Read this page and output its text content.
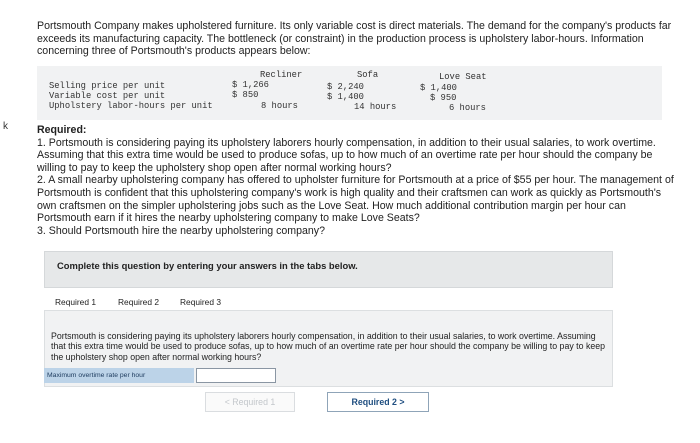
k

Portsmouth Company makes upholstered furniture. Its only variable cost is direct materials. The demand for the company's products far exceeds its manufacturing capacity. The bottleneck (or constraint) in the production process is upholstery labor-hours. Information concerning three of Portsmouth's products appears below:

Recliner	Sofa	Love Seat
Selling price per unit	$ 1,266	$ 2,240	$ 1,400
Variable cost per unit	$ 850	$ 1,400	$ 950
Upholstery labor-hours per unit	8 hours	14 hours	6 hours

Required:

1. Portsmouth is considering paying its upholstery laborers hourly compensation, in addition to their usual salaries, to work overtime. Assuming that this extra time would be used to produce sofas, up to how much of an overtime rate per hour should the company be willing to pay to keep the upholstery shop open after normal working hours?

2. A small nearby upholstering company has offered to upholster furniture for Portsmouth at a price of $55 per hour. The management of Portsmouth is confident that this upholstering company's work is high quality and their craftsmen can work as quickly as Portsmouth's own craftsmen on the simpler upholstering jobs such as the Love Seat. How much additional contribution margin per hour can Portsmouth earn if it hires the nearby upholstering company to make Love Seats?

3. Should Portsmouth hire the nearby upholstering company?

Complete this question by entering your answers in the tabs below.
Required 1	Required 2	Required 3

Portsmouth is considering paying its upholstery laborers hourly compensation, in addition to their usual salaries, to work overtime. Assuming that this extra time would be used to produce sofas, up to how much of an overtime rate per hour should the company be willing to pay to keep the upholstery shop open after normal working hours?

Maximum overtime rate per hour
< Required 1	Required 2 >
